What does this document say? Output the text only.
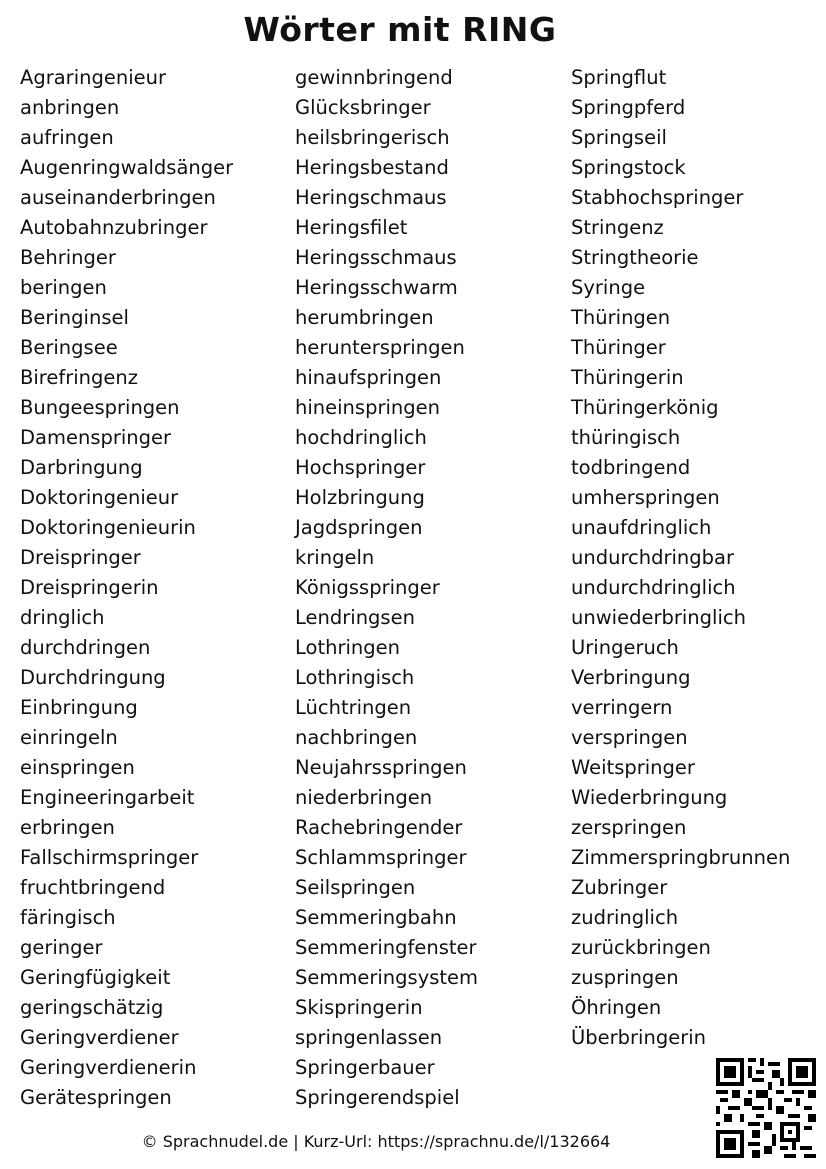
Wörter mit RING
Agraringenieur
anbringen
aufringen
Augenringwaldsänger
auseinanderbringen
Autobahnzubringer
Behringer
beringen
Beringinsel
Beringsee
Birefringenz
Bungeespringen
Damenspringer
Darbringung
Doktoringenieur
Doktoringenieurin
Dreispringer
Dreispringerin
dringlich
durchdringen
Durchdringung
Einbringung
einringeln
einspringen
Engineeringarbeit
erbringen
Fallschirmspringer
fruchtbringend
färingisch
geringer
Geringfügigkeit
geringschätzig
Geringverdiener
Geringverdienerin
Gerätespringen
gewinnbringend
Glücksbringer
heilsbringerisch
Heringsbestand
Heringschmaus
Heringsfilet
Heringsschmaus
Heringsschwarm
herumbringen
herunterspringen
hinaufspringen
hineinspringen
hochdringlich
Hochspringer
Holzbringung
Jagdspringen
kringeln
Königsspringer
Lendringsen
Lothringen
Lothringisch
Lüchtringen
nachbringen
Neujahrsspringen
niederbringen
Rachebringender
Schlammspringer
Seilspringen
Semmeringbahn
Semmeringfenster
Semmeringsystem
Skispringerin
springenlassen
Springerbauer
Springerendspiel
Springflut
Springpferd
Springseil
Springstock
Stabhochspringer
Stringenz
Stringtheorie
Syringe
Thüringen
Thüringer
Thüringerin
Thüringerkönig
thüringisch
todbringend
umherspringen
unaufdringlich
undurchdringbar
undurchdringlich
unwiederbringlich
Uringeruch
Verbringung
verringern
verspringen
Weitspringer
Wiederbringung
zerspringen
Zimmerspringbrunnen
Zubringer
zudringlich
zurückbringen
zuspringen
Öhringen
Überbringerin
© Sprachnudel.de | Kurz-Url: https://sprachnu.de/l/132664
